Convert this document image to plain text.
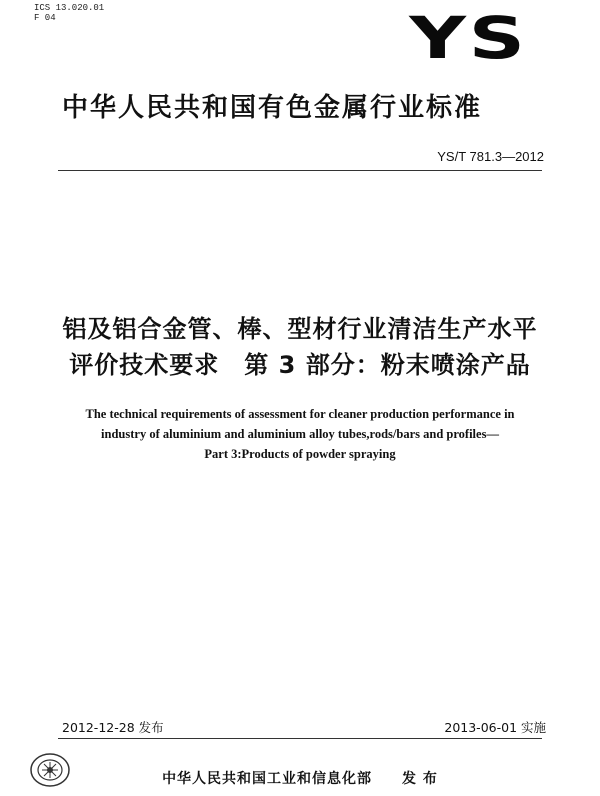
ICS 13.020.01
F 04	YS
中华人民共和国有色金属行业标准
YS/T 781.3—2012
铝及铝合金管、棒、型材行业清洁生产水平
评价技术要求　第 3 部分：粉末喷涂产品
The technical requirements of assessment for cleaner production performance in
industry of aluminium and aluminium alloy tubes,rods/bars and profiles—
Part 3:Products of powder spraying
2012-12-28 发布	2013-06-01 实施
中华人民共和国工业和信息化部　　发 布
